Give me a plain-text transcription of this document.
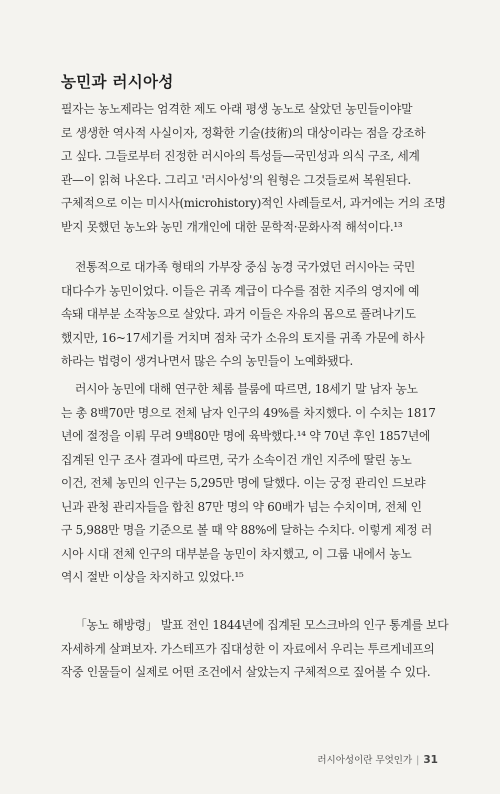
농민과 러시아성
필자는 농노제라는 엄격한 제도 아래 평생 농노로 살았던 농민들이야말
로 생생한 역사적 사실이자, 정확한 기술(技術)의 대상이라는 점을 강조하
고 싶다. 그들로부터 진정한 러시아의 특성들—국민성과 의식 구조, 세계
관—이 읽혀 나온다. 그리고 '러시아성'의 원형은 그것들로써 복원된다.
구체적으로 이는 미시사(microhistory)적인 사례들로서, 과거에는 거의 조명
받지 못했던 농노와 농민 개개인에 대한 문학적·문화사적 해석이다.¹³
전통적으로 대가족 형태의 가부장 중심 농경 국가였던 러시아는 국민
대다수가 농민이었다. 이들은 귀족 계급이 다수를 점한 지주의 영지에 예
속돼 대부분 소작농으로 살았다. 과거 이들은 자유의 몸으로 풀려나기도
했지만, 16~17세기를 거치며 점차 국가 소유의 토지를 귀족 가문에 하사
하라는 법령이 생겨나면서 많은 수의 농민들이 노예화됐다.
러시아 농민에 대해 연구한 체롬 블룸에 따르면, 18세기 말 남자 농노
는 총 8백70만 명으로 전체 남자 인구의 49%를 차지했다. 이 수치는 1817
년에 절정을 이뤄 무려 9백80만 명에 육박했다.¹⁴ 약 70년 후인 1857년에
집계된 인구 조사 결과에 따르면, 국가 소속이건 개인 지주에 딸린 농노
이건, 전체 농민의 인구는 5,295만 명에 달했다. 이는 궁정 관리인 드보랴
닌과 관청 관리자들을 합친 87만 명의 약 60배가 넘는 수치이며, 전체 인
구 5,988만 명을 기준으로 볼 때 약 88%에 달하는 수치다. 이렇게 제정 러
시아 시대 전체 인구의 대부분을 농민이 차지했고, 이 그룹 내에서 농노
역시 절반 이상을 차지하고 있었다.¹⁵
「농노 해방령」 발표 전인 1844년에 집계된 모스크바의 인구 통계를 보다
자세하게 살펴보자. 가스테프가 집대성한 이 자료에서 우리는 투르게네프의
작중 인물들이 실제로 어떤 조건에서 살았는지 구체적으로 짚어볼 수 있다.
러시아성이란 무엇인가 | 31
